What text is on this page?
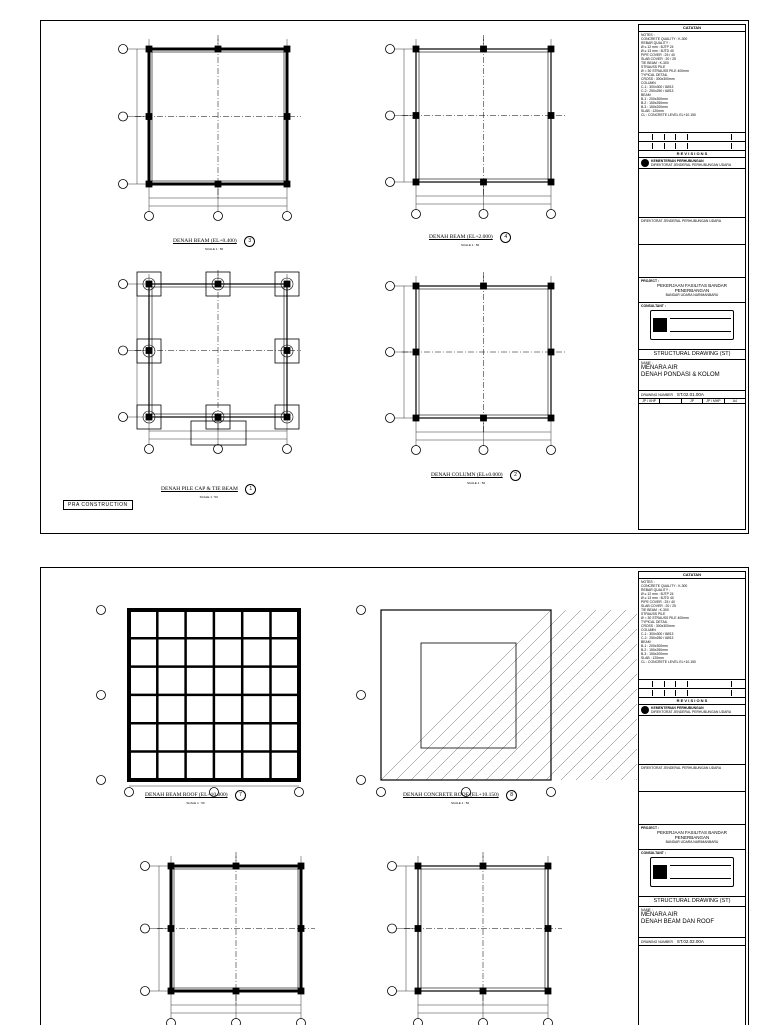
DENAH BEAM (EL+0.400) 3
SCALE 1 : 50
DENAH BEAM (EL+2.000) 4
SCALE 1 : 50
DENAH PILE CAP & TIE BEAM 1
SCALE 1 : 50
DENAH COLUMN (EL±0.000) 2
SCALE 1 : 50
PRA CONSTRUCTION
CATATAN
NOTES :
CONCRETE QUALITY : K-300
REBAR QUALITY :
Ø ≤ 12 mm : BJTP 24
Ø ≥ 13 mm : BJTD 40
PIPE COVER : 25 / 40
SLAB COVER : 20 / 25
TIE BEAM : K-300
STRAUSS PILE
Ø = 30 STRAUSS PILE 400mm
TYPICAL DETAIL
CROSS : 300x300mm
COLUMN
C-1 : 300x300 / 8Ø13
C-2 : 250x250 / 6Ø13
BEAM
B-1 : 200x300mm
B-2 : 150x250mm
B-3 : 150x200mm
SLAB : 120mm
CL : CONCRETE LEVEL EL+10.150
R E V I S I O N S
KEMENTERIAN PERHUBUNGAN
DIREKTORAT JENDERAL PERHUBUNGAN UDARA
DIREKTORAT JENDERAL PERHUBUNGAN UDARA
PROJECT :
PEKERJAAN FASILITAS BANDAR PENERBANGAN
BANDAR UDARA NARIMANBARU
CONSULTANT :
STRUCTURAL DRAWING (ST)
NAME :
MENARA AIR
DENAH PONDASI & KOLOM
DRAWING NUMBER ST.02.01.00A
JP / KHP	JP	JP / MHP	A4
DENAH BEAM ROOF (EL+10.000) 7
SCALE 1 : 50
DENAH CONCRETE ROOF (EL+10.150) 8
SCALE 1 : 50
CATATAN
NOTES :
CONCRETE QUALITY : K-300
REBAR QUALITY :
Ø ≤ 12 mm : BJTP 24
Ø ≥ 13 mm : BJTD 40
PIPE COVER : 25 / 40
SLAB COVER : 20 / 25
TIE BEAM : K-300
STRAUSS PILE
Ø = 30 STRAUSS PILE 400mm
TYPICAL DETAIL
CROSS : 300x300mm
COLUMN
C-1 : 300x300 / 8Ø13
C-2 : 250x250 / 6Ø13
BEAM
B-1 : 200x300mm
B-2 : 150x250mm
B-3 : 150x200mm
SLAB : 120mm
CL : CONCRETE LEVEL EL+10.150
R E V I S I O N S
KEMENTERIAN PERHUBUNGAN
DIREKTORAT JENDERAL PERHUBUNGAN UDARA
DIREKTORAT JENDERAL PERHUBUNGAN UDARA
PROJECT :
PEKERJAAN FASILITAS BANDAR PENERBANGAN
BANDAR UDARA NARIMANBARU
CONSULTANT :
STRUCTURAL DRAWING (ST)
NAME :
MENARA AIR
DENAH BEAM DAN ROOF
DRAWING NUMBER ST.02.02.00A
